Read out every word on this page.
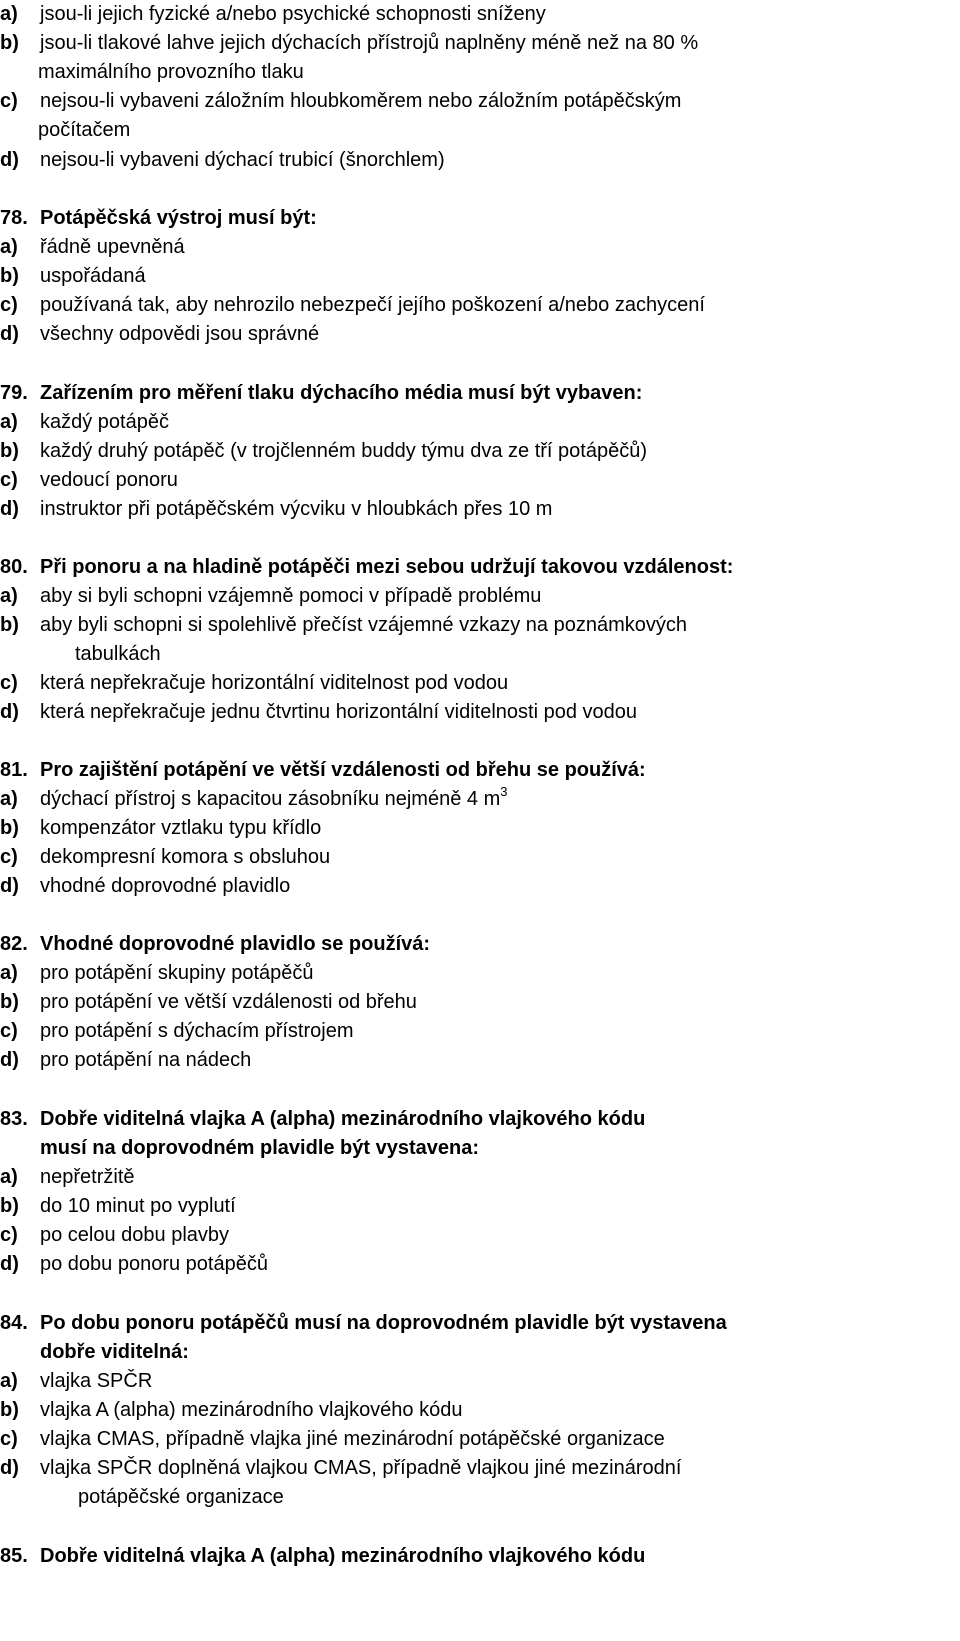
a)	jsou-li jejich fyzické a/nebo psychické schopnosti sníženy
b)	jsou-li tlakové lahve jejich dýchacích přístrojů naplněny méně než na 80 %
maximálního provozního tlaku
c)	nejsou-li vybaveni záložním hloubkoměrem nebo záložním potápěčským
počítačem
d)	nejsou-li vybaveni dýchací trubicí (šnorchlem)
78. Potápěčská výstroj musí být:
a)	řádně upevněná
b)	uspořádaná
c)	používaná tak, aby nehrozilo nebezpečí jejího poškození a/nebo zachycení
d)	všechny odpovědi jsou správné
79. Zařízením pro měření tlaku dýchacího média musí být vybaven:
a)	každý potápěč
b)	každý druhý potápěč (v trojčlenném buddy týmu dva ze tří potápěčů)
c)	vedoucí ponoru
d)	instruktor při potápěčském výcviku v hloubkách přes 10 m
80. Při ponoru a na hladině potápěči mezi sebou udržují takovou vzdálenost:
a)	aby si byli schopni vzájemně pomoci v případě problému
b)	aby byli schopni si spolehlivě přečíst vzájemné vzkazy na poznámkových
tabulkách
c)	která nepřekračuje horizontální viditelnost pod vodou
d)	která nepřekračuje jednu čtvrtinu horizontální viditelnosti pod vodou
81. Pro zajištění potápění ve větší vzdálenosti od břehu se používá:
a)	dýchací přístroj s kapacitou zásobníku nejméně 4 $m^3$
b)	kompenzátor vztlaku typu křídlo
c)	dekompresní komora s obsluhou
d)	vhodné doprovodné plavidlo
82. Vhodné doprovodné plavidlo se používá:
a)	pro potápění skupiny potápěčů
b)	pro potápění ve větší vzdálenosti od břehu
c)	pro potápění s dýchacím přístrojem
d)	pro potápění na nádech
83. Dobře viditelná vlajka A (alpha) mezinárodního vlajkového kódu
musí na doprovodném plavidle být vystavena:
a)	nepřetržitě
b)	do 10 minut po vyplutí
c)	po celou dobu plavby
d)	po dobu ponoru potápěčů
84. Po dobu ponoru potápěčů musí na doprovodném plavidle být vystavena
dobře viditelná:
a)	vlajka SPČR
b)	vlajka A (alpha) mezinárodního vlajkového kódu
c)	vlajka CMAS, případně vlajka jiné mezinárodní potápěčské organizace
d)	vlajka SPČR doplněná vlajkou CMAS, případně vlajkou jiné mezinárodní
potápěčské organizace
85. Dobře viditelná vlajka A (alpha) mezinárodního vlajkového kódu
